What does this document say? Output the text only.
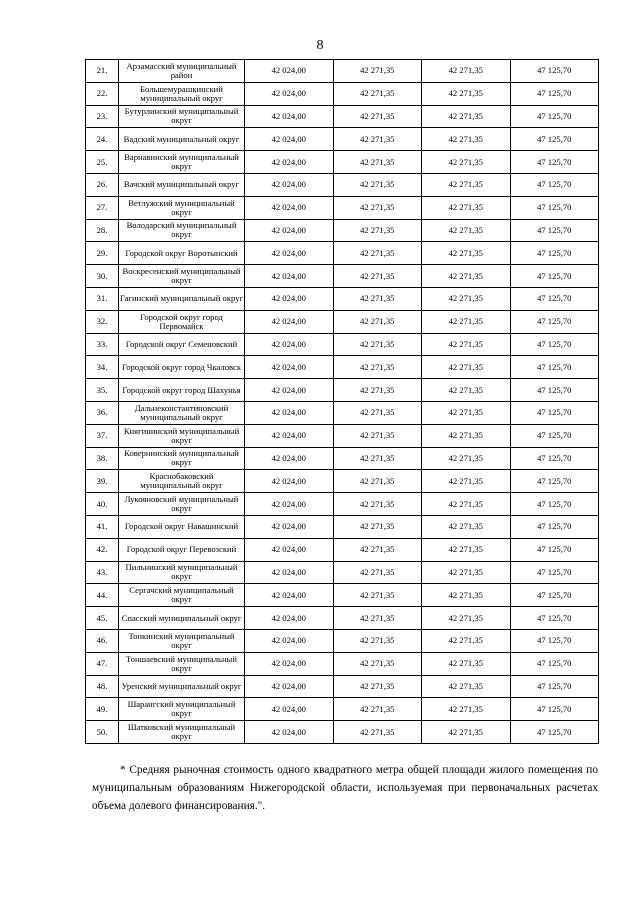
8
21.	Арзамасский муниципальный район	42 024,00	42 271,35	42 271,35	47 125,70
22.	Большемурашкинский муниципальный округ	42 024,00	42 271,35	42 271,35	47 125,70
23.	Бутурлинский муниципальный округ	42 024,00	42 271,35	42 271,35	47 125,70
24.	Вадский муниципальный округ	42 024,00	42 271,35	42 271,35	47 125,70
25.	Варнавинский муниципальный округ	42 024,00	42 271,35	42 271,35	47 125,70
26.	Вачский муниципальный округ	42 024,00	42 271,35	42 271,35	47 125,70
27.	Ветлужский муниципальный округ	42 024,00	42 271,35	42 271,35	47 125,70
28.	Володарский муниципальный округ	42 024,00	42 271,35	42 271,35	47 125,70
29.	Городской округ Воротынский	42 024,00	42 271,35	42 271,35	47 125,70
30.	Воскресенский муниципальный округ	42 024,00	42 271,35	42 271,35	47 125,70
31.	Гагинский муниципальный округ	42 024,00	42 271,35	42 271,35	47 125,70
32.	Городской округ город Первомайск	42 024,00	42 271,35	42 271,35	47 125,70
33.	Городской округ Семеновский	42 024,00	42 271,35	42 271,35	47 125,70
34.	Городской округ город Чкаловск	42 024,00	42 271,35	42 271,35	47 125,70
35.	Городской округ город Шахунья	42 024,00	42 271,35	42 271,35	47 125,70
36.	Дальнеконстантиновский муниципальный округ	42 024,00	42 271,35	42 271,35	47 125,70
37.	Княгининский муниципальный округ	42 024,00	42 271,35	42 271,35	47 125,70
38.	Ковернинский муниципальный округ	42 024,00	42 271,35	42 271,35	47 125,70
39.	Краснобаковский муниципальный округ	42 024,00	42 271,35	42 271,35	47 125,70
40.	Лукояновский муниципальный округ	42 024,00	42 271,35	42 271,35	47 125,70
41.	Городской округ Навашинский	42 024,00	42 271,35	42 271,35	47 125,70
42.	Городской округ Перевозский	42 024,00	42 271,35	42 271,35	47 125,70
43.	Пильнинский муниципальный округ	42 024,00	42 271,35	42 271,35	47 125,70
44.	Сергачский муниципальный округ	42 024,00	42 271,35	42 271,35	47 125,70
45.	Спасский муниципальный округ	42 024,00	42 271,35	42 271,35	47 125,70
46.	Тонкинский муниципальный округ	42 024,00	42 271,35	42 271,35	47 125,70
47.	Тоншаевский муниципальный округ	42 024,00	42 271,35	42 271,35	47 125,70
48.	Уренский муниципальный округ	42 024,00	42 271,35	42 271,35	47 125,70
49.	Шарангский муниципальный округ	42 024,00	42 271,35	42 271,35	47 125,70
50.	Шатковский муниципальный округ	42 024,00	42 271,35	42 271,35	47 125,70

* Средняя рыночная стоимость одного квадратного метра общей площади жилого помещения по муниципальным образованиям Нижегородской области, используемая при первоначальных расчетах объема долевого финансирования.".
